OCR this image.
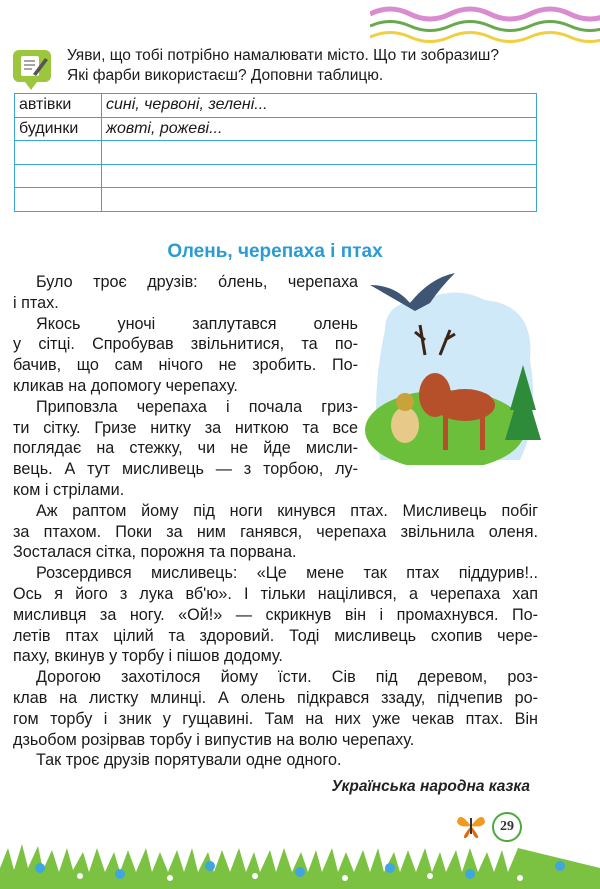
Уяви, що тобі потрібно намалювати місто. Що ти зобразиш?
Які фарби використаєш? Доповни таблицю.
автівки	сині, червоні, зелені...
будинки	жовті, рожеві...

Олень, черепаха і птах
Було троє друзів: о́лень, черепаха
і птах.
Якось уночі заплутався олень
у сітці. Спробував звільнитися, та по-
бачив, що сам нічого не зробить. По-
кликав на допомогу черепаху.
Приповзла черепаха і почала гриз-
ти сітку. Гризе нитку за ниткою та все
поглядає на стежку, чи не йде мисли-
вець. А тут мисливець — з торбою, лу-
ком і стрілами.
Аж раптом йому під ноги кинувся птах. Мисливець побіг
за птахом. Поки за ним ганявся, черепаха звільнила оленя.
Зосталася сітка, порожня та порвана.
Розсердився мисливець: «Це мене так птах піддурив!..
Ось я його з лука вб'ю». І тільки націлився, а черепаха хап
мисливця за ногу. «Ой!» — скрикнув він і промахнувся. По-
летів птах цілий та здоровий. Тоді мисливець схопив чере-
паху, вкинув у торбу і пішов додому.
Дорогою захотілося йому їсти. Сів під деревом, роз-
клав на листку млинці. А олень підкрався ззаду, підчепив ро-
гом торбу і зник у гущавині. Там на них уже чекав птах. Він
дзьобом розірвав торбу і випустив на волю черепаху.
Так троє друзів порятували одне одного.
Українська народна казка
29
